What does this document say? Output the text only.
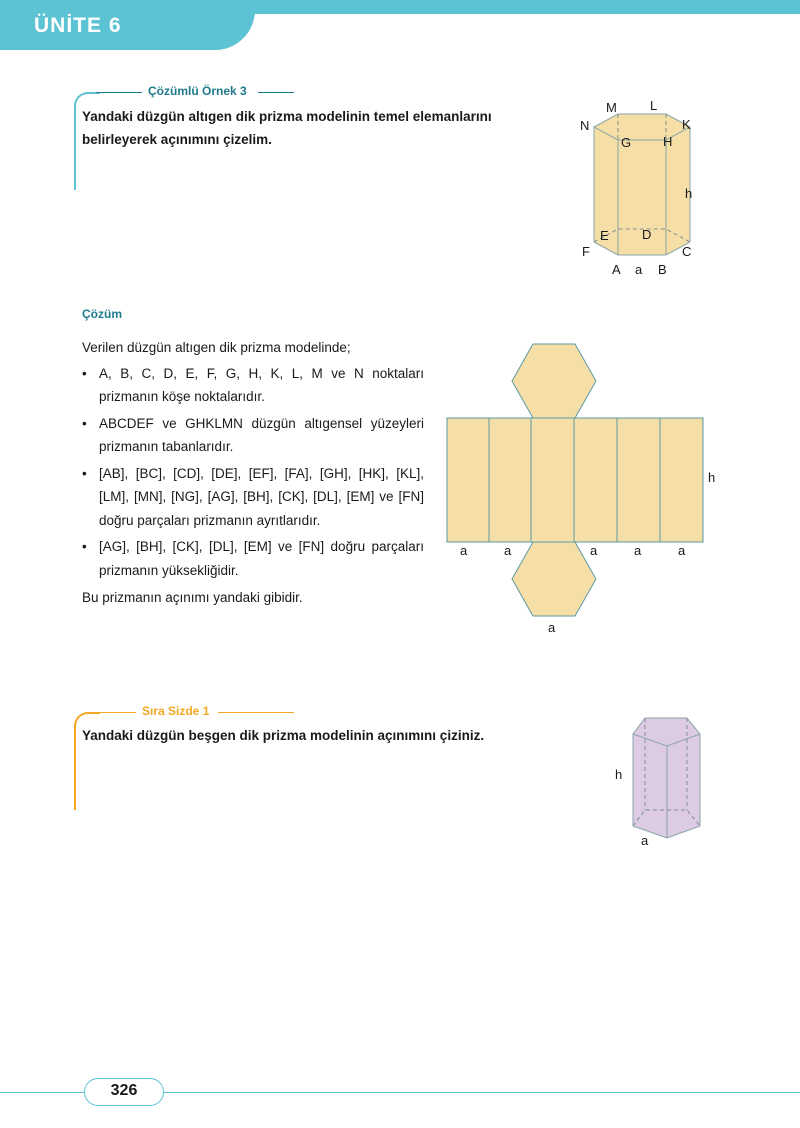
ÜNİTE 6
Çözümlü Örnek 3
Yandaki düzgün altıgen dik prizma modelinin temel elemanlarını belirleyerek açınımını çizelim.
M	L
N	K
G H
h
E	D
F	C
A a B
Çözüm
Verilen düzgün altıgen dik prizma modelinde;
• A, B, C, D, E, F, G, H, K, L, M ve N noktaları prizmanın köşe noktalarıdır.
• ABCDEF ve GHKLMN düzgün altıgensel yüzeyleri prizmanın tabanlarıdır.
• [AB], [BC], [CD], [DE], [EF], [FA], [GH], [HK], [KL], [LM], [MN], [NG], [AG], [BH], [CK], [DL], [EM] ve [FN] doğru parçaları prizmanın ayrıtlarıdır.
• [AG], [BH], [CK], [DL], [EM] ve [FN] doğru parçaları prizmanın yüksekliğidir.
Bu prizmanın açınımı yandaki gibidir.
h
a	a	a	a	a
a
Sıra Sizde 1
Yandaki düzgün beşgen dik prizma modelinin açınımını çiziniz.
h
a
326
